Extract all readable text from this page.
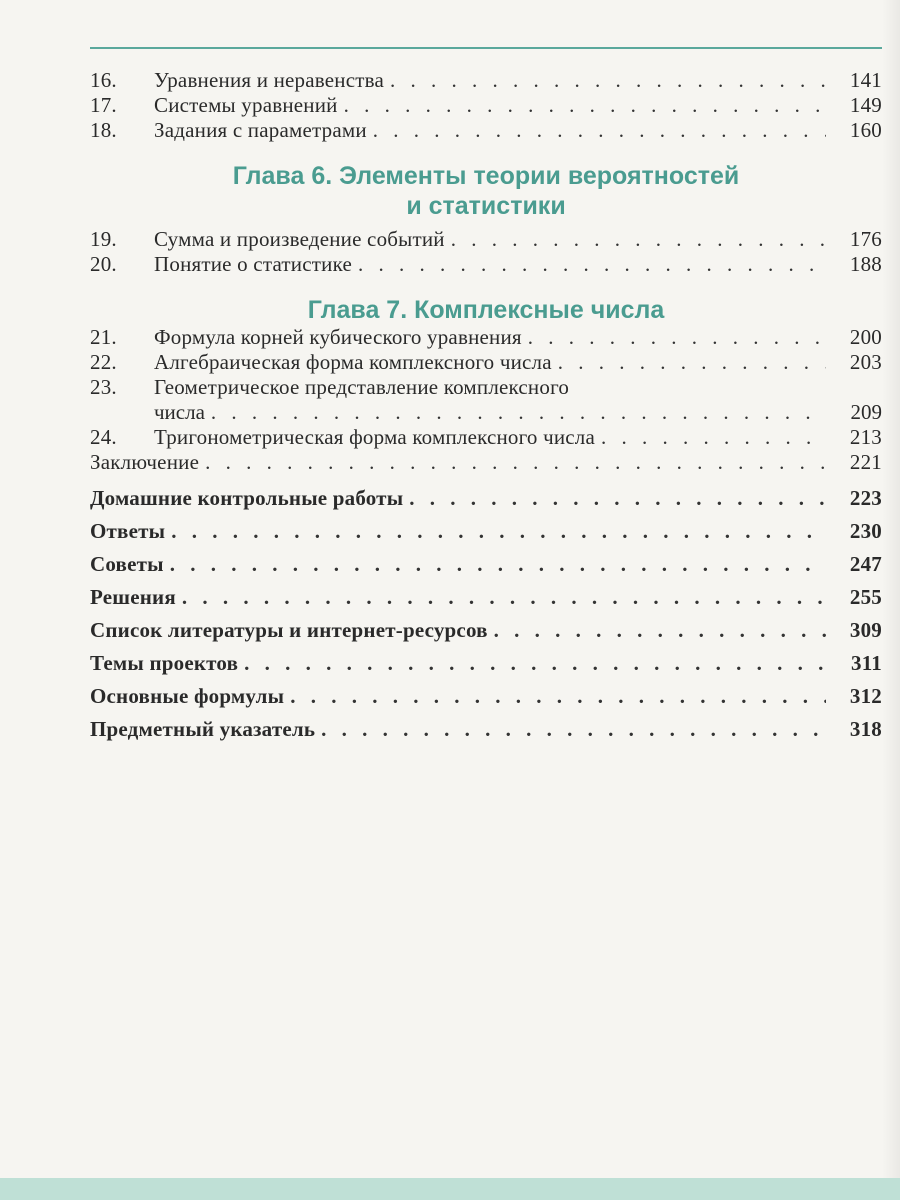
16.	Уравнения и неравенства . . .	141
17.	Системы уравнений . . .	149
18.	Задания с параметрами . . .	160
Глава 6. Элементы теории вероятностей
и статистики
19.	Сумма и произведение событий . . .	176
20.	Понятие о статистике . . .	188
Глава 7. Комплексные числа
21.	Формула корней кубического уравнения . . .	200
22.	Алгебраическая форма комплексного числа . . .	203
23.	Геометрическое представление комплексного
числа . . .	209
24.	Тригонометрическая форма комплексного числа . . .	213
Заключение . . .	221
Домашние контрольные работы . . .	223
Ответы . . .	230
Советы . . .	247
Решения . . .	255
Список литературы и интернет-ресурсов . . .	309
Темы проектов . . .	311
Основные формулы . . .	312
Предметный указатель . . .	318
